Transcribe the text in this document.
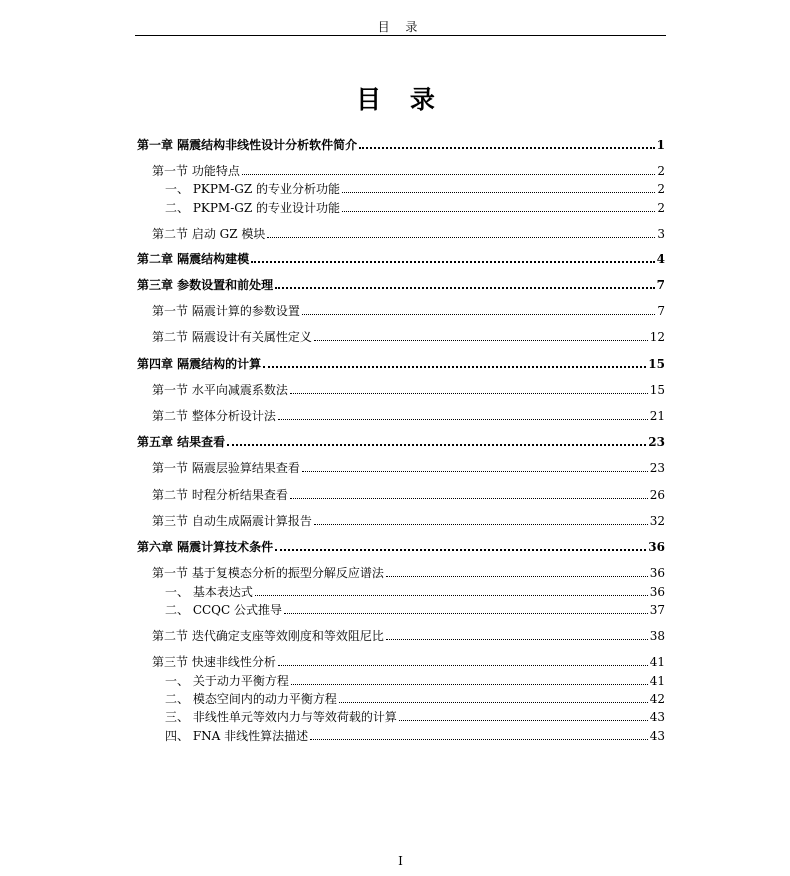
目 录
目 录
第一章 隔震结构非线性设计分析软件简介	1
第一节 功能特点	2
一、 PKPM-GZ 的专业分析功能	2
二、 PKPM-GZ 的专业设计功能	2
第二节 启动 GZ 模块	3
第二章 隔震结构建模	4
第三章 参数设置和前处理	7
第一节 隔震计算的参数设置	7
第二节 隔震设计有关属性定义	12
第四章 隔震结构的计算	15
第一节 水平向减震系数法	15
第二节 整体分析设计法	21
第五章 结果查看	23
第一节 隔震层验算结果查看	23
第二节 时程分析结果查看	26
第三节 自动生成隔震计算报告	32
第六章 隔震计算技术条件	36
第一节 基于复模态分析的振型分解反应谱法	36
一、 基本表达式	36
二、 CCQC 公式推导	37
第二节 迭代确定支座等效刚度和等效阻尼比	38
第三节 快速非线性分析	41
一、 关于动力平衡方程	41
二、 模态空间内的动力平衡方程	42
三、 非线性单元等效内力与等效荷载的计算	43
四、 FNA 非线性算法描述	43
I
